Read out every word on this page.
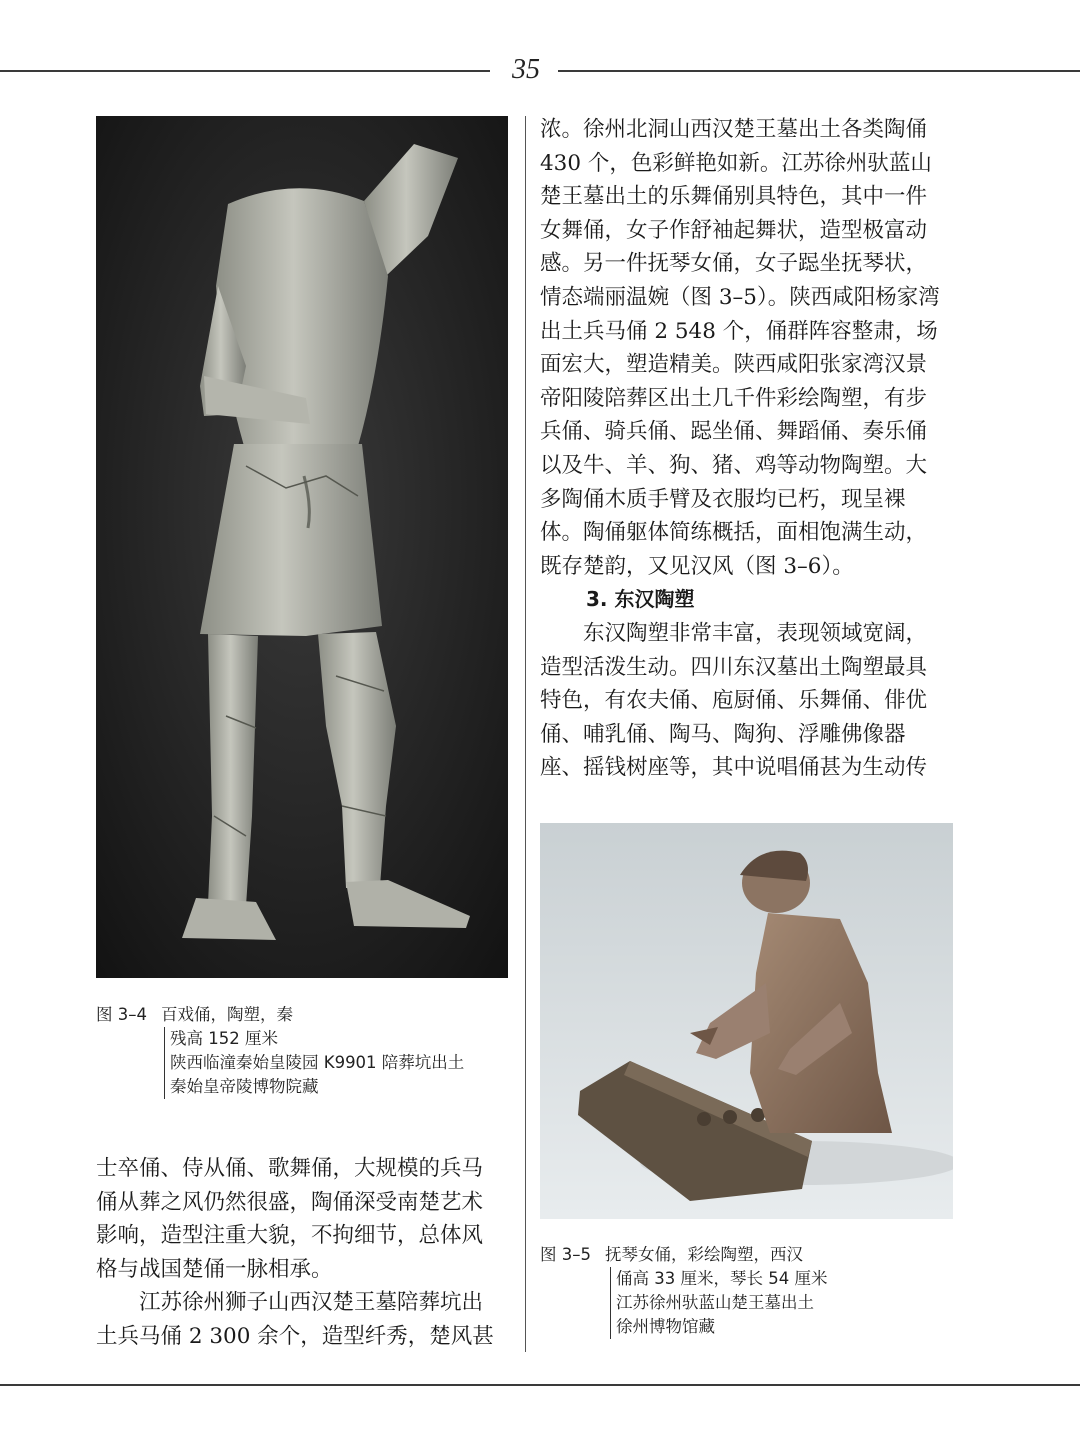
35
图 3–4 百戏俑，陶塑，秦
残高 152 厘米
陕西临潼秦始皇陵园 K9901 陪葬坑出土
秦始皇帝陵博物院藏
士卒俑、侍从俑、歌舞俑，大规模的兵马
俑从葬之风仍然很盛，陶俑深受南楚艺术
影响，造型注重大貌，不拘细节，总体风
格与战国楚俑一脉相承。
　　江苏徐州狮子山西汉楚王墓陪葬坑出
土兵马俑 2 300 余个，造型纤秀，楚风甚
浓。徐州北洞山西汉楚王墓出土各类陶俑
430 个，色彩鲜艳如新。江苏徐州驮蓝山
楚王墓出土的乐舞俑别具特色，其中一件
女舞俑，女子作舒袖起舞状，造型极富动
感。另一件抚琴女俑，女子跽坐抚琴状，
情态端丽温婉（图 3–5）。陕西咸阳杨家湾
出土兵马俑 2 548 个，俑群阵容整肃，场
面宏大，塑造精美。陕西咸阳张家湾汉景
帝阳陵陪葬区出土几千件彩绘陶塑，有步
兵俑、骑兵俑、跽坐俑、舞蹈俑、奏乐俑
以及牛、羊、狗、猪、鸡等动物陶塑。大
多陶俑木质手臂及衣服均已朽，现呈裸
体。陶俑躯体简练概括，面相饱满生动，
既存楚韵，又见汉风（图 3–6）。
3. 东汉陶塑
　　东汉陶塑非常丰富，表现领域宽阔，
造型活泼生动。四川东汉墓出土陶塑最具
特色，有农夫俑、庖厨俑、乐舞俑、俳优
俑、哺乳俑、陶马、陶狗、浮雕佛像器
座、摇钱树座等，其中说唱俑甚为生动传
图 3–5 抚琴女俑，彩绘陶塑，西汉
俑高 33 厘米，琴长 54 厘米
江苏徐州驮蓝山楚王墓出土
徐州博物馆藏
